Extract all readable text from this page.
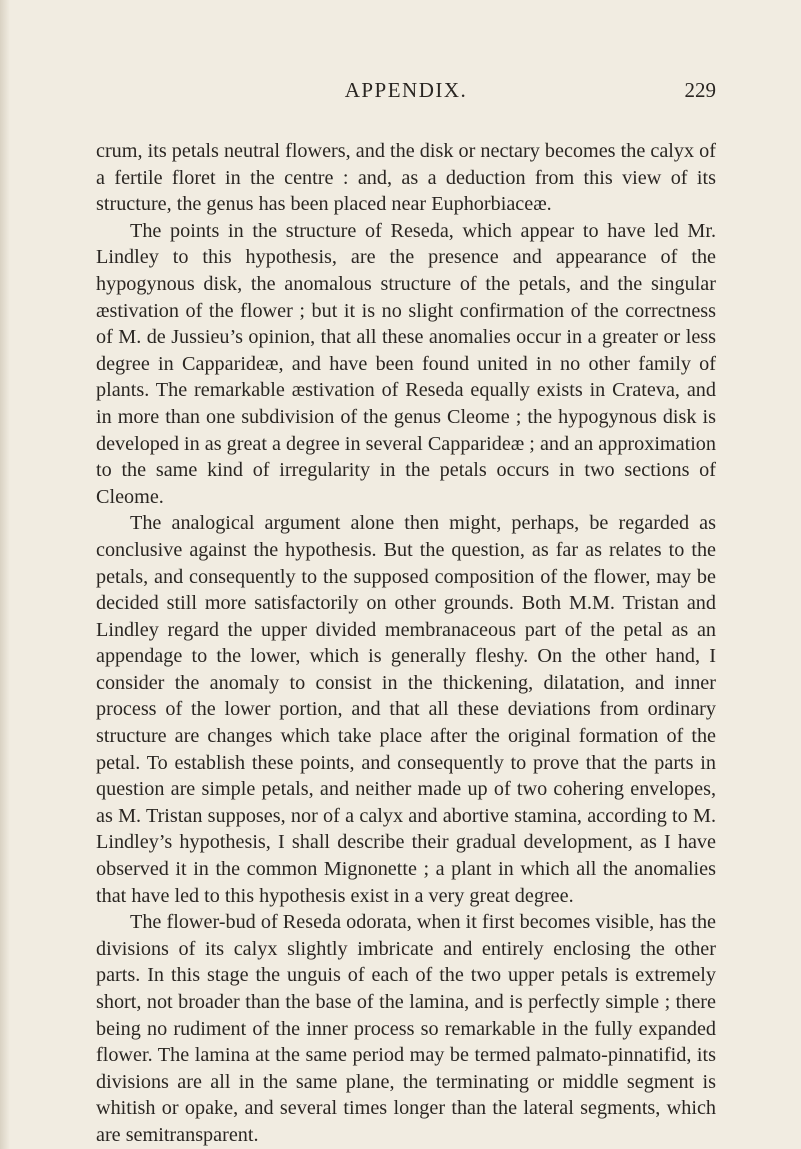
APPENDIX.	229

crum, its petals neutral flowers, and the disk or nectary becomes the calyx of a fertile floret in the centre : and, as a deduction from this view of its structure, the genus has been placed near Euphorbiaceæ.

The points in the structure of Reseda, which appear to have led Mr. Lindley to this hypothesis, are the presence and appearance of the hypogynous disk, the anomalous structure of the petals, and the singular æstivation of the flower ; but it is no slight confirmation of the correctness of M. de Jussieu’s opinion, that all these anomalies occur in a greater or less degree in Capparideæ, and have been found united in no other family of plants. The remarkable æstivation of Reseda equally exists in Crateva, and in more than one subdivision of the genus Cleome ; the hypogynous disk is developed in as great a degree in several Capparideæ ; and an approximation to the same kind of irregularity in the petals occurs in two sections of Cleome.

The analogical argument alone then might, perhaps, be regarded as conclusive against the hypothesis. But the question, as far as relates to the petals, and consequently to the supposed composition of the flower, may be decided still more satisfactorily on other grounds. Both M.M. Tristan and Lindley regard the upper divided membranaceous part of the petal as an appendage to the lower, which is generally fleshy. On the other hand, I consider the anomaly to consist in the thickening, dilatation, and inner process of the lower portion, and that all these deviations from ordinary structure are changes which take place after the original formation of the petal. To establish these points, and consequently to prove that the parts in question are simple petals, and neither made up of two cohering envelopes, as M. Tristan supposes, nor of a calyx and abortive stamina, according to M. Lindley’s hypothesis, I shall describe their gradual development, as I have observed it in the common Mignonette ; a plant in which all the anomalies that have led to this hypothesis exist in a very great degree.

The flower-bud of Reseda odorata, when it first becomes visible, has the divisions of its calyx slightly imbricate and entirely enclosing the other parts. In this stage the unguis of each of the two upper petals is extremely short, not broader than the base of the lamina, and is perfectly simple ; there being no rudiment of the inner process so remarkable in the fully expanded flower. The lamina at the same period may be termed palmato-pinnatifid, its divisions are all in the same plane, the terminating or middle segment is whitish or opake, and several times longer than the lateral segments, which are semitransparent.
